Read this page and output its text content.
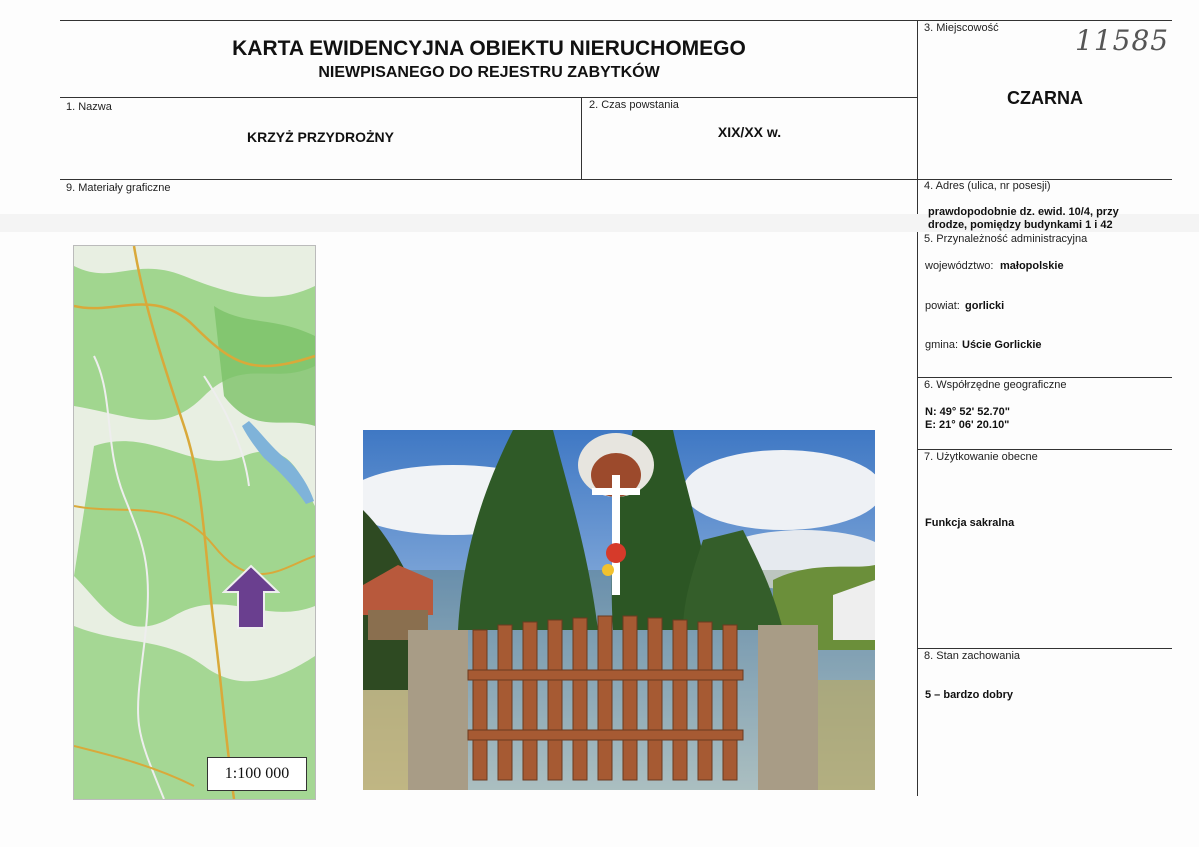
KARTA EWIDENCYJNA OBIEKTU NIERUCHOMEGO
NIEWPISANEGO DO REJESTRU ZABYTKÓW
1. Nazwa
KRZYŻ PRZYDROŻNY
2. Czas powstania
XIX/XX w.
3. Miejscowość	11585
CZARNA
9. Materiały graficzne	4. Adres (ulica, nr posesji)
prawdopodobnie dz. ewid. 10/4, przy
drodze, pomiędzy budynkami 1 i 42
5. Przynależność administracyjna
województwo: małopolskie
powiat: gorlicki
gmina: Uście Gorlickie
6. Współrzędne geograficzne
N: 49° 52' 52.70"
E: 21° 06' 20.10"
7. Użytkowanie obecne
Funkcja sakralna
8. Stan zachowania
5 – bardzo dobry
1:100 000
